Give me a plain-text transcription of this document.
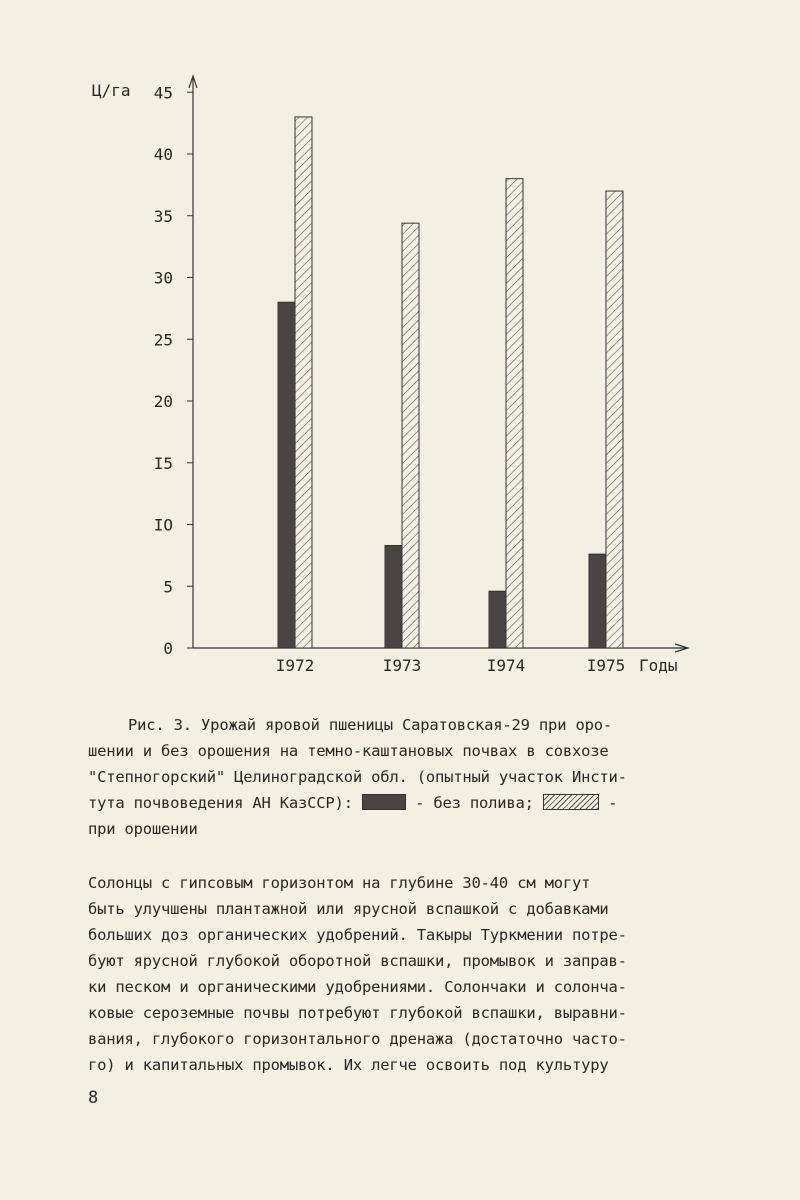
Ц/га
Годы
0
5
IO
I5
20
25
30
35
40
45
I972	I973	I974	I975
Рис. 3. Урожай яровой пшеницы Саратовская-29 при оро-
шении и без орошения на темно-каштановых почвах в совхозе
"Степногорский" Целиноградской обл. (опытный участок Инсти-
тута почвоведения АН КазССР):	- без полива;	-
при орошении
Солонцы с гипсовым горизонтом на глубине 30-40 см могут
быть улучшены плантажной или ярусной вспашкой с добавками
больших доз органических удобрений. Такыры Туркмении потре-
буют ярусной глубокой оборотной вспашки, промывок и заправ-
ки песком и органическими удобрениями. Солончаки и солонча-
ковые сероземные почвы потребуют глубокой вспашки, выравни-
вания, глубокого горизонтального дренажа (достаточно часто-
го) и капитальных промывок. Их легче освоить под культуру
8
